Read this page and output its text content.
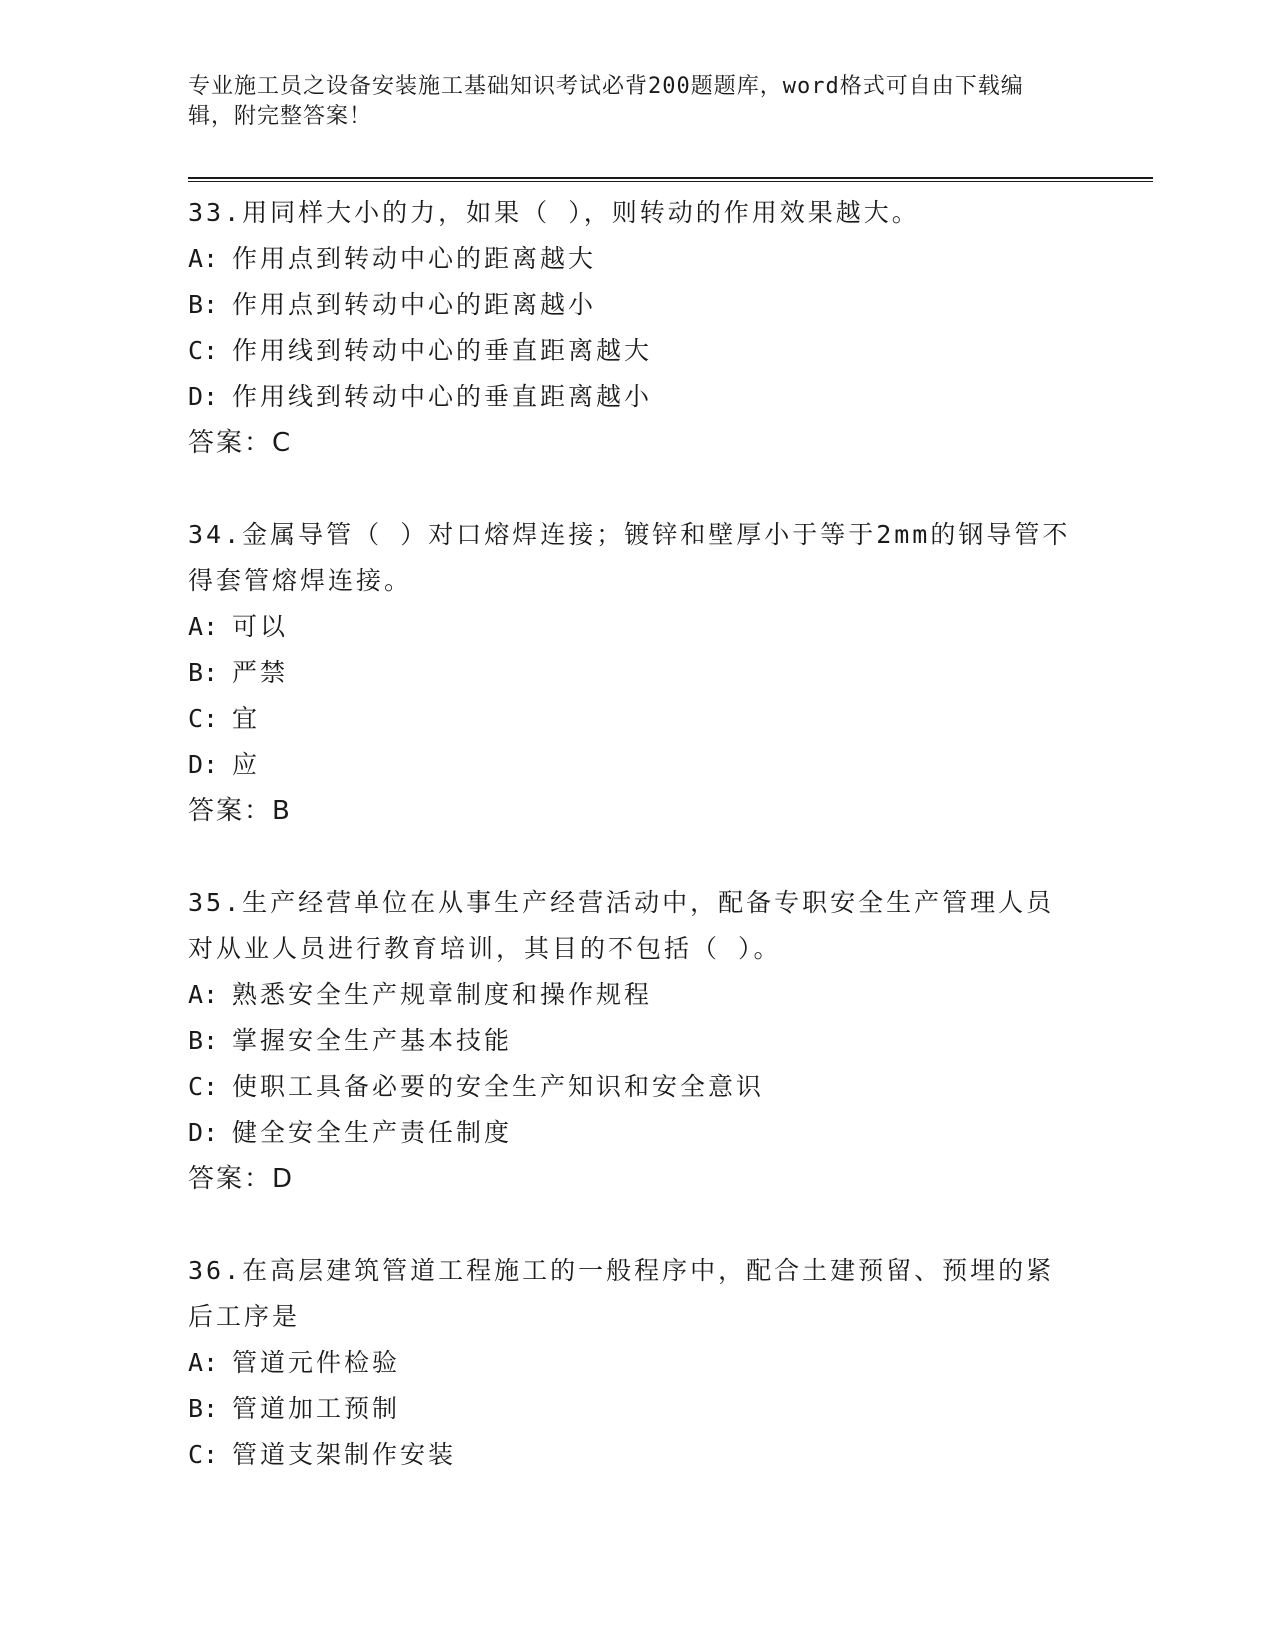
专业施工员之设备安装施工基础知识考试必背200题题库，word格式可自由下载编辑，附完整答案！

33.用同样大小的力，如果（ ），则转动的作用效果越大。

A: 作用点到转动中心的距离越大

B: 作用点到转动中心的距离越小

C: 作用线到转动中心的垂直距离越大

D: 作用线到转动中心的垂直距离越小

答案：C

34.金属导管（ ）对口熔焊连接；镀锌和壁厚小于等于2mm的钢导管不得套管熔焊连接。

A: 可以

B: 严禁

C: 宜

D: 应

答案：B

35.生产经营单位在从事生产经营活动中，配备专职安全生产管理人员对从业人员进行教育培训，其目的不包括（ ）。

A: 熟悉安全生产规章制度和操作规程

B: 掌握安全生产基本技能

C: 使职工具备必要的安全生产知识和安全意识

D: 健全安全生产责任制度

答案：D

36.在高层建筑管道工程施工的一般程序中，配合土建预留、预埋的紧后工序是

A: 管道元件检验

B: 管道加工预制

C: 管道支架制作安装
